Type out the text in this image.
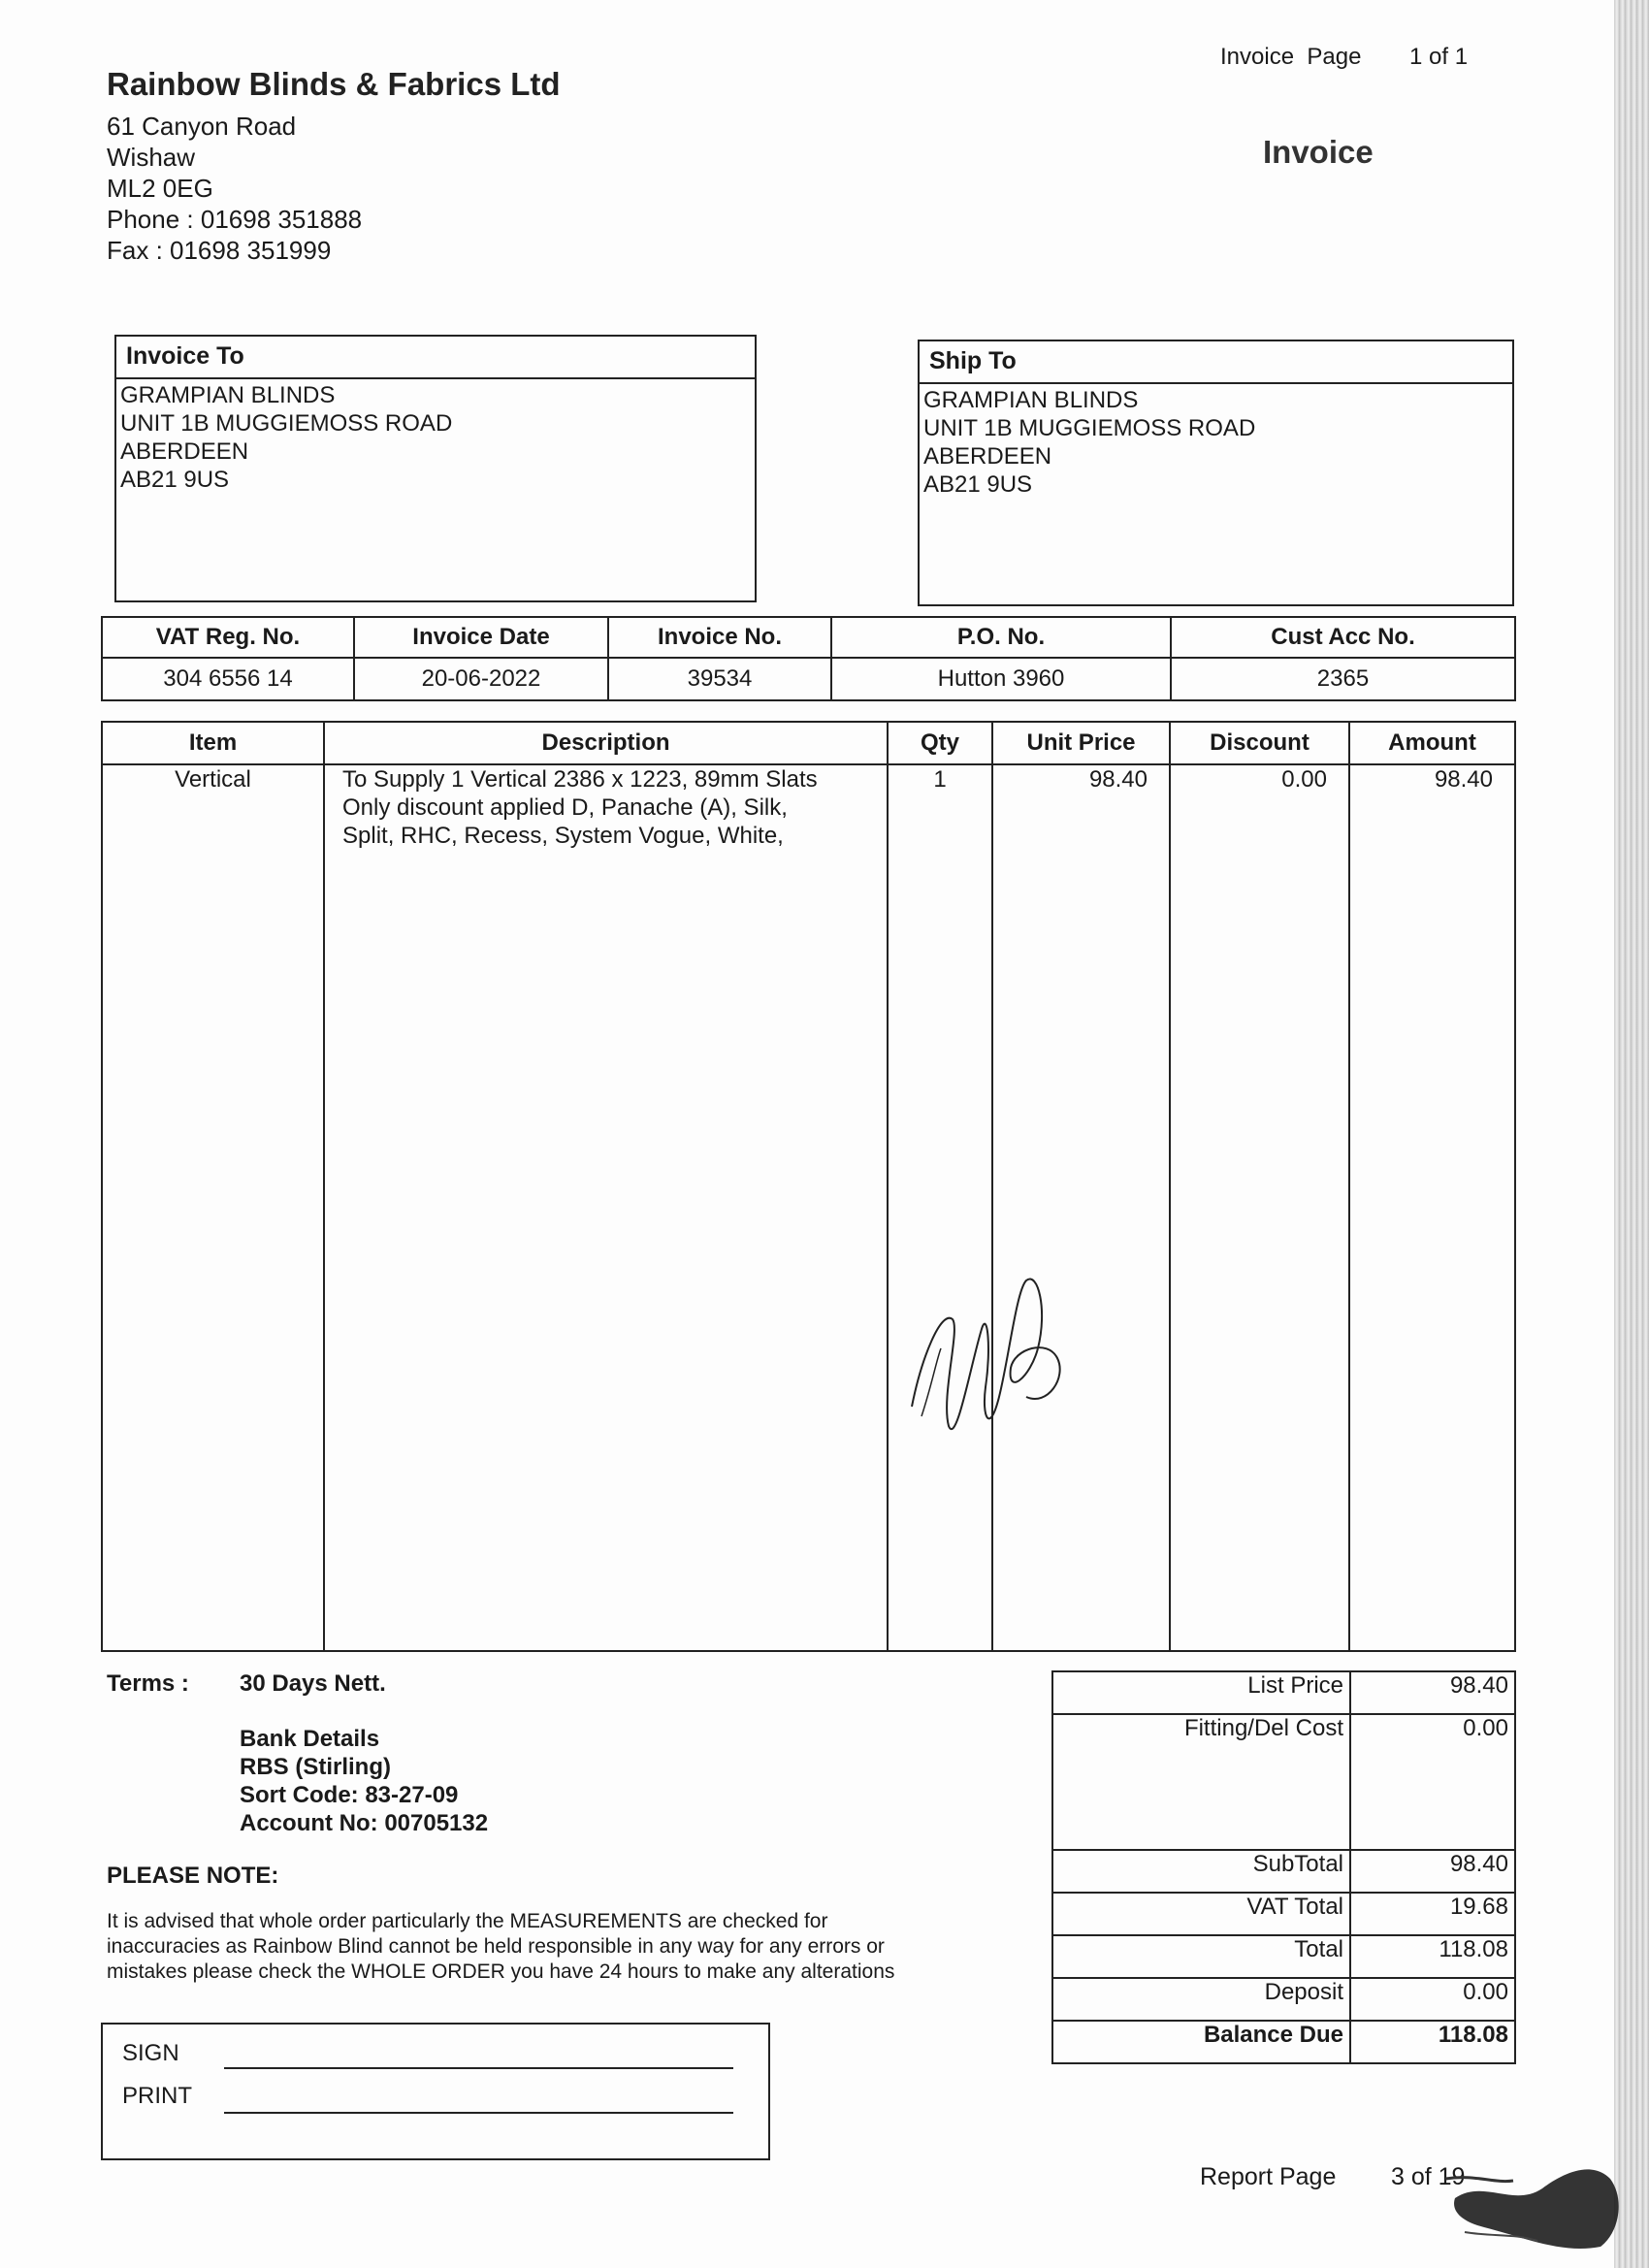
Rainbow Blinds & Fabrics Ltd
61 Canyon Road
Wishaw
ML2 0EG
Phone : 01698 351888
Fax : 01698 351999
Invoice  Page 1 of 1
Invoice
Invoice To
GRAMPIAN BLINDS
UNIT 1B MUGGIEMOSS ROAD
ABERDEEN
AB21 9US
Ship To
GRAMPIAN BLINDS
UNIT 1B MUGGIEMOSS ROAD
ABERDEEN
AB21 9US
VAT Reg. No.	Invoice Date	Invoice No.	P.O. No.	Cust Acc No.
304 6556 14	20-06-2022	39534	Hutton 3960	2365
Item	Description	Qty	Unit Price	Discount	Amount
Vertical	To Supply 1 Vertical 2386 x 1223, 89mm Slats
Only discount applied D, Panache (A), Silk,
Split, RHC, Recess, System Vogue, White,	1	98.40	0.00	98.40
Terms : 30 Days Nett.
Bank Details
RBS (Stirling)
Sort Code: 83-27-09
Account No: 00705132
PLEASE NOTE:
It is advised that whole order particularly the MEASUREMENTS are checked for
inaccuracies as Rainbow Blind cannot be held responsible in any way for any errors or
mistakes please check the WHOLE ORDER you have 24 hours to make any alterations
SIGN
PRINT
List Price	98.40
Fitting/Del Cost	0.00
SubTotal	98.40
VAT Total	19.68
Total	118.08
Deposit	0.00
Balance Due	118.08
Report Page 3 of 19
